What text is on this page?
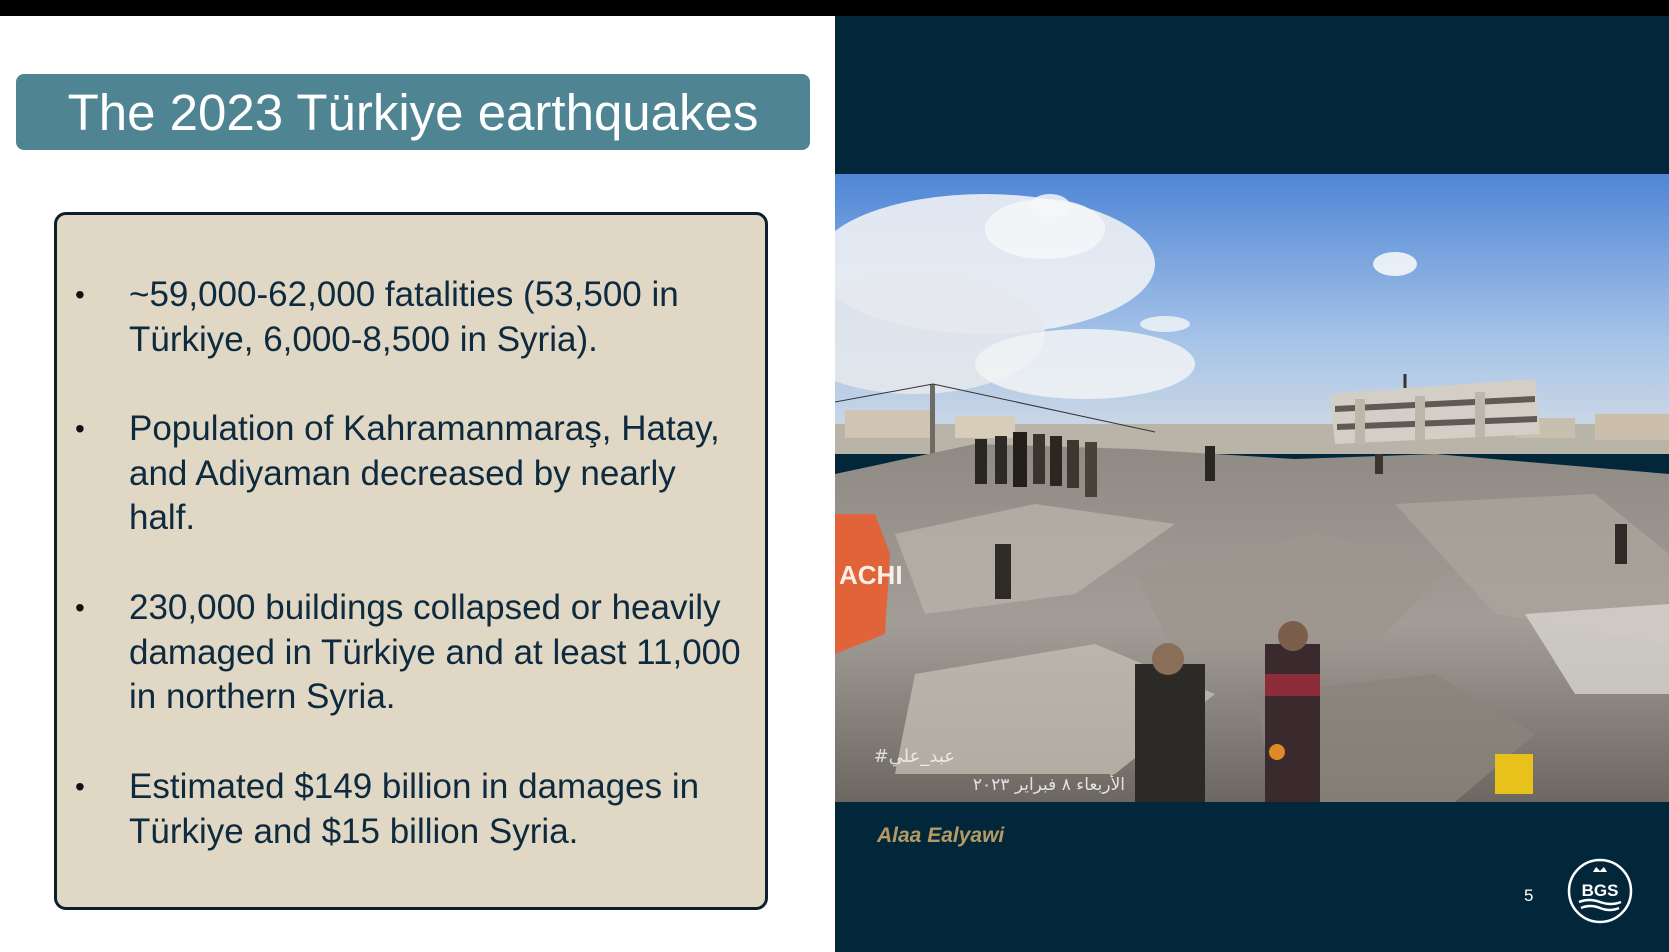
The 2023 Türkiye earthquakes
• ~59,000-62,000 fatalities (53,500 in Türkiye, 6,000-8,500 in Syria).
• Population of Kahramanmaraş, Hatay, and Adiyaman decreased by nearly half.
• 230,000 buildings collapsed or heavily damaged in Türkiye and at least 11,000 in northern Syria.
• Estimated $149 billion in damages in Türkiye and $15 billion Syria.
ACHI
#عبد_علي
الأربعاء ٨ فبراير ٢٠٢٣
Alaa Ealyawi
5	BGS
